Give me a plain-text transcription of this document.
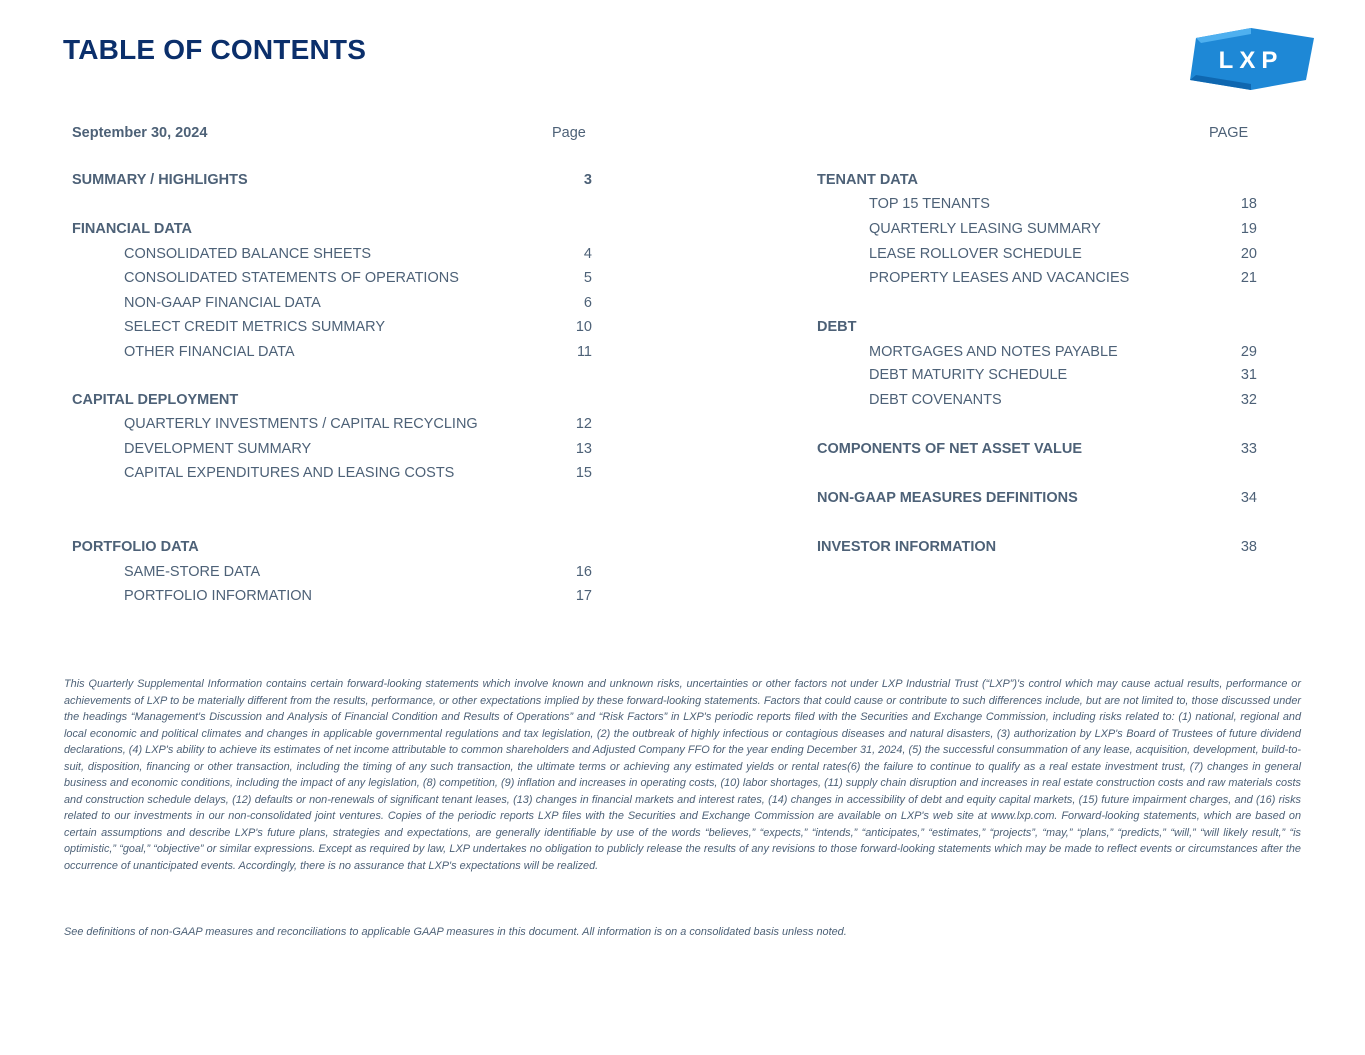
TABLE OF CONTENTS	LXP
September 30, 2024	Page
SUMMARY / HIGHLIGHTS	3
FINANCIAL DATA
CONSOLIDATED BALANCE SHEETS	4
CONSOLIDATED STATEMENTS OF OPERATIONS	5
NON-GAAP FINANCIAL DATA	6
SELECT CREDIT METRICS SUMMARY	10
OTHER FINANCIAL DATA	11
CAPITAL DEPLOYMENT
QUARTERLY INVESTMENTS / CAPITAL RECYCLING	12
DEVELOPMENT SUMMARY	13
CAPITAL EXPENDITURES AND LEASING COSTS	15
PORTFOLIO DATA
SAME-STORE DATA	16
PORTFOLIO INFORMATION	17
PAGE
TENANT DATA
TOP 15 TENANTS	18
QUARTERLY LEASING SUMMARY	19
LEASE ROLLOVER SCHEDULE	20
PROPERTY LEASES AND VACANCIES	21
DEBT
MORTGAGES AND NOTES PAYABLE	29
DEBT MATURITY SCHEDULE	31
DEBT COVENANTS	32
COMPONENTS OF NET ASSET VALUE	33
NON-GAAP MEASURES DEFINITIONS	34
INVESTOR INFORMATION	38

This Quarterly Supplemental Information contains certain forward-looking statements which involve known and unknown risks, uncertainties or other factors not under LXP Industrial Trust (“LXP”)'s control which may cause actual results, performance or achievements of LXP to be materially different from the results, performance, or other expectations implied by these forward-looking statements. Factors that could cause or contribute to such differences include, but are not limited to, those discussed under the headings “Management's Discussion and Analysis of Financial Condition and Results of Operations” and “Risk Factors” in LXP's periodic reports filed with the Securities and Exchange Commission, including risks related to: (1) national, regional and local economic and political climates and changes in applicable governmental regulations and tax legislation, (2) the outbreak of highly infectious or contagious diseases and natural disasters, (3) authorization by LXP's Board of Trustees of future dividend declarations, (4) LXP's ability to achieve its estimates of net income attributable to common shareholders and Adjusted Company FFO for the year ending December 31, 2024, (5) the successful consummation of any lease, acquisition, development, build-to-suit, disposition, financing or other transaction, including the timing of any such transaction, the ultimate terms or achieving any estimated yields or rental rates(6) the failure to continue to qualify as a real estate investment trust, (7) changes in general business and economic conditions, including the impact of any legislation, (8) competition, (9) inflation and increases in operating costs, (10) labor shortages, (11) supply chain disruption and increases in real estate construction costs and raw materials costs and construction schedule delays, (12) defaults or non-renewals of significant tenant leases, (13) changes in financial markets and interest rates, (14) changes in accessibility of debt and equity capital markets, (15) future impairment charges, and (16) risks related to our investments in our non-consolidated joint ventures. Copies of the periodic reports LXP files with the Securities and Exchange Commission are available on LXP's web site at www.lxp.com. Forward-looking statements, which are based on certain assumptions and describe LXP's future plans, strategies and expectations, are generally identifiable by use of the words “believes,” “expects,” “intends,” “anticipates,” “estimates,” “projects”, “may,” “plans,” “predicts,” “will,” “will likely result,” “is optimistic,” “goal,” “objective” or similar expressions. Except as required by law, LXP undertakes no obligation to publicly release the results of any revisions to those forward-looking statements which may be made to reflect events or circumstances after the occurrence of unanticipated events. Accordingly, there is no assurance that LXP's expectations will be realized.

See definitions of non-GAAP measures and reconciliations to applicable GAAP measures in this document. All information is on a consolidated basis unless noted.
